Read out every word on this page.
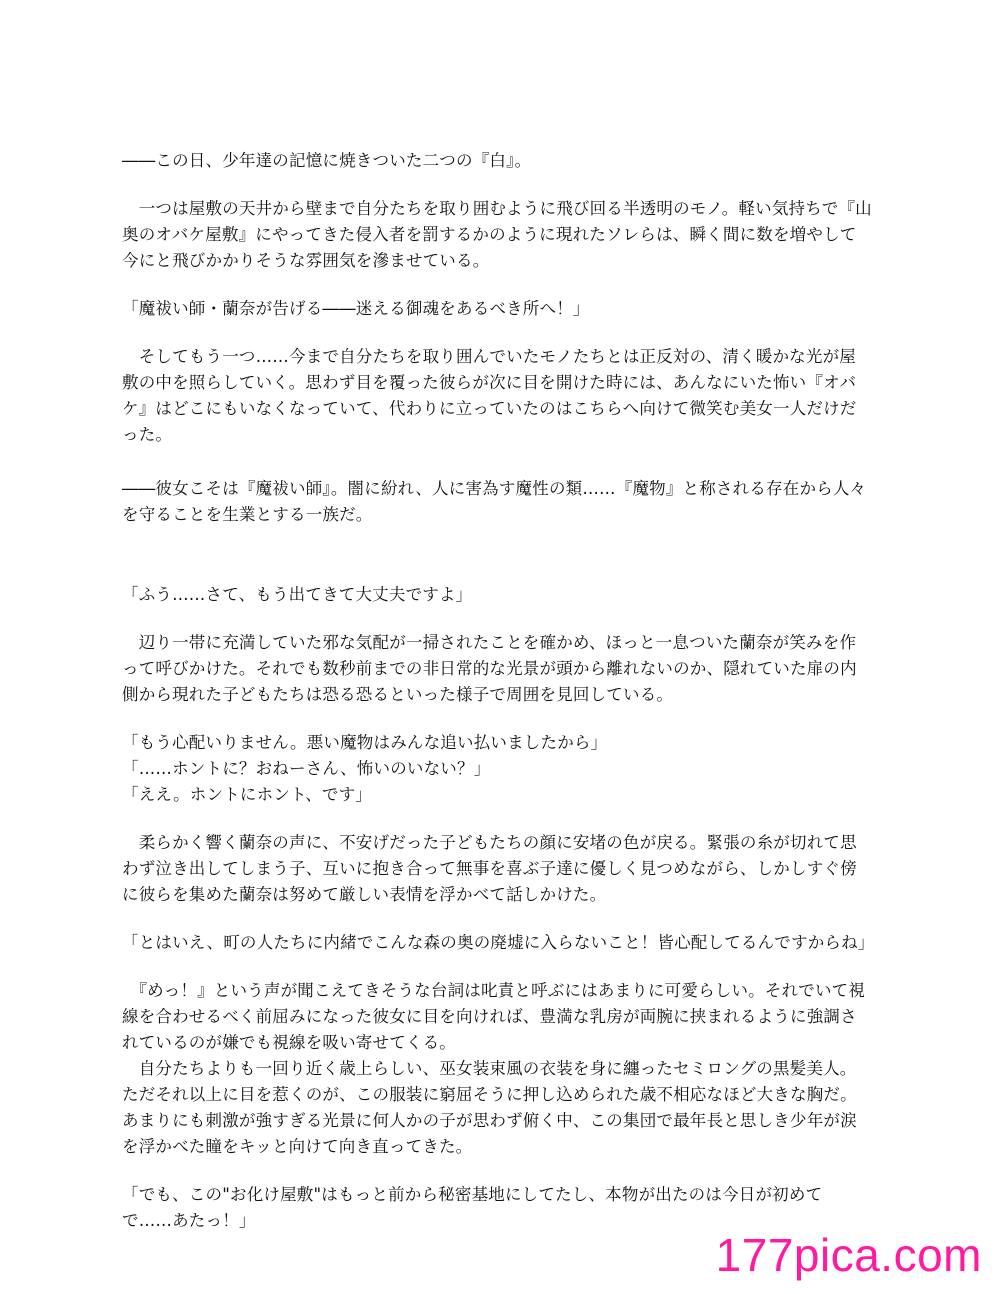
――この日、少年達の記憶に焼きついた二つの『白』。

　一つは屋敷の天井から壁まで自分たちを取り囲むように飛び回る半透明のモノ。軽い気持ちで『山奥のオバケ屋敷』にやってきた侵入者を罰するかのように現れたソレらは、瞬く間に数を増やして今にと飛びかかりそうな雰囲気を滲ませている。

「魔祓い師・蘭奈が告げる――迷える御魂をあるべき所へ！」

　そしてもう一つ……今まで自分たちを取り囲んでいたモノたちとは正反対の、清く暖かな光が屋敷の中を照らしていく。思わず目を覆った彼らが次に目を開けた時には、あんなにいた怖い『オバケ』はどこにもいなくなっていて、代わりに立っていたのはこちらへ向けて微笑む美女一人だけだった。

――彼女こそは『魔祓い師』。闇に紛れ、人に害為す魔性の類……『魔物』と称される存在から人々を守ることを生業とする一族だ。

「ふう……さて、もう出てきて大丈夫ですよ」

　辺り一帯に充満していた邪な気配が一掃されたことを確かめ、ほっと一息ついた蘭奈が笑みを作って呼びかけた。それでも数秒前までの非日常的な光景が頭から離れないのか、隠れていた扉の内側から現れた子どもたちは恐る恐るといった様子で周囲を見回している。

「もう心配いりません。悪い魔物はみんな追い払いましたから」

「……ホントに？おねーさん、怖いのいない？」

「ええ。ホントにホント、です」

　柔らかく響く蘭奈の声に、不安げだった子どもたちの顔に安堵の色が戻る。緊張の糸が切れて思わず泣き出してしまう子、互いに抱き合って無事を喜ぶ子達に優しく見つめながら、しかしすぐ傍に彼らを集めた蘭奈は努めて厳しい表情を浮かべて話しかけた。

「とはいえ、町の人たちに内緒でこんな森の奥の廃墟に入らないこと！皆心配してるんですからね」

　『めっ！』という声が聞こえてきそうな台詞は叱責と呼ぶにはあまりに可愛らしい。それでいて視線を合わせるべく前屈みになった彼女に目を向ければ、豊満な乳房が両腕に挟まれるように強調されているのが嫌でも視線を吸い寄せてくる。

　自分たちよりも一回り近く歳上らしい、巫女装束風の衣装を身に纏ったセミロングの黒髪美人。ただそれ以上に目を惹くのが、この服装に窮屈そうに押し込められた歳不相応なほど大きな胸だ。あまりにも刺激が強すぎる光景に何人かの子が思わず俯く中、この集団で最年長と思しき少年が涙を浮かべた瞳をキッと向けて向き直ってきた。

「でも、この"お化け屋敷"はもっと前から秘密基地にしてたし、本物が出たのは今日が初めてで……あたっ！」

177pica.com
